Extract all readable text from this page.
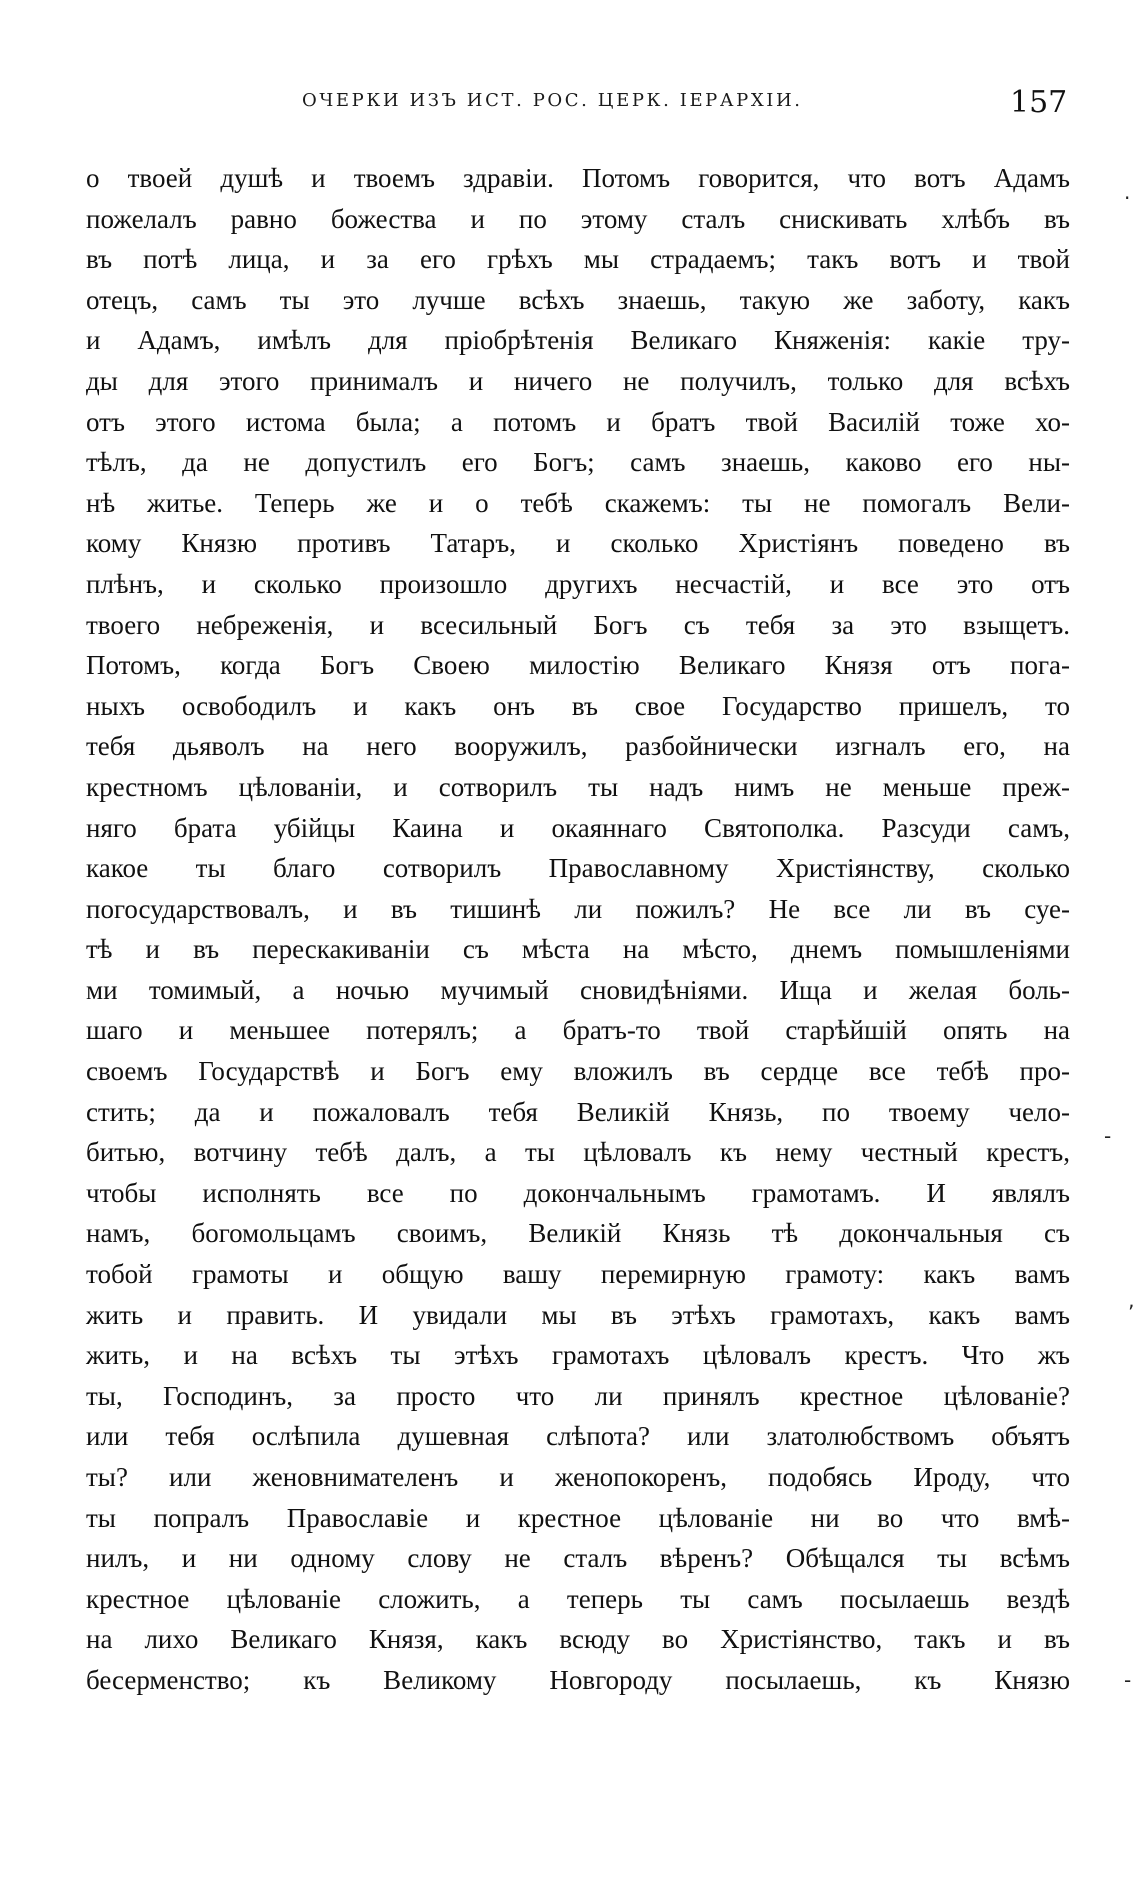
ОЧЕРКИ ИЗЪ ИСТ. РОС. ЦЕРК. ІЕРАРХІИ.	157
о твоей душѣ и твоемъ здравіи. Потомъ говорится, что вотъ Адамъ
пожелалъ равно божества и по этому сталъ снискивать хлѣбъ въ
въ потѣ лица, и за его грѣхъ мы страдаемъ; такъ вотъ и твой
отецъ, самъ ты это лучше всѣхъ знаешь, такую же заботу, какъ
и Адамъ, имѣлъ для пріобрѣтенія Великаго Княженія: какіе тру-
ды для этого принималъ и ничего не получилъ, только для всѣхъ
отъ этого истома была; а потомъ и братъ твой Василій тоже хо-
тѣлъ, да не допустилъ его Богъ; самъ знаешь, каково его ны-
нѣ житье. Теперь же и о тебѣ скажемъ: ты не помогалъ Вели-
кому Князю противъ Татаръ, и сколько Христіянъ поведено въ
плѣнъ, и сколько произошло другихъ несчастій, и все это отъ
твоего небреженія, и всесильный Богъ съ тебя за это взыщетъ.
Потомъ, когда Богъ Своею милостію Великаго Князя отъ пога-
ныхъ освободилъ и какъ онъ въ свое Государство пришелъ, то
тебя дьяволъ на него вооружилъ, разбойнически изгналъ его, на
крестномъ цѣлованіи, и сотворилъ ты надъ нимъ не меньше преж-
няго брата убійцы Каина и окаяннаго Святополка. Разсуди самъ,
какое ты благо сотворилъ Православному Христіянству, сколько
погосударствовалъ, и въ тишинѣ ли пожилъ? Не все ли въ суе-
тѣ и въ перескакиваніи съ мѣста на мѣсто, днемъ помышленіями
ми томимый, а ночью мучимый сновидѣніями. Ища и желая боль-
шаго и меньшее потерялъ; а братъ-то твой старѣйшій опять на
своемъ Государствѣ и Богъ ему вложилъ въ сердце все тебѣ про-
стить; да и пожаловалъ тебя Великій Князь, по твоему чело-
битью, вотчину тебѣ далъ, а ты цѣловалъ къ нему честный крестъ,
чтобы исполнять все по докончальнымъ грамотамъ. И являлъ
намъ, богомольцамъ своимъ, Великій Князь тѣ докончальныя съ
тобой грамоты и общую вашу перемирную грамоту: какъ вамъ
жить и править. И увидали мы въ этѣхъ грамотахъ, какъ вамъ
жить, и на всѣхъ ты этѣхъ грамотахъ цѣловалъ крестъ. Что жъ
ты, Господинъ, за просто что ли принялъ крестное цѣлованіе?
или тебя ослѣпила душевная слѣпота? или златолюбствомъ объятъ
ты? или женовнимателенъ и женопокоренъ, подобясь Ироду, что
ты попралъ Православіе и крестное цѣлованіе ни во что вмѣ-
нилъ, и ни одному слову не сталъ вѣренъ? Обѣщался ты всѣмъ
крестное цѣлованіе сложить, а теперь ты самъ посылаешь вездѣ
на лихо Великаго Князя, какъ всюду во Христіянство, такъ и въ
бесерменство; къ Великому Новгороду посылаешь, къ Князю
.
-
‚
-
